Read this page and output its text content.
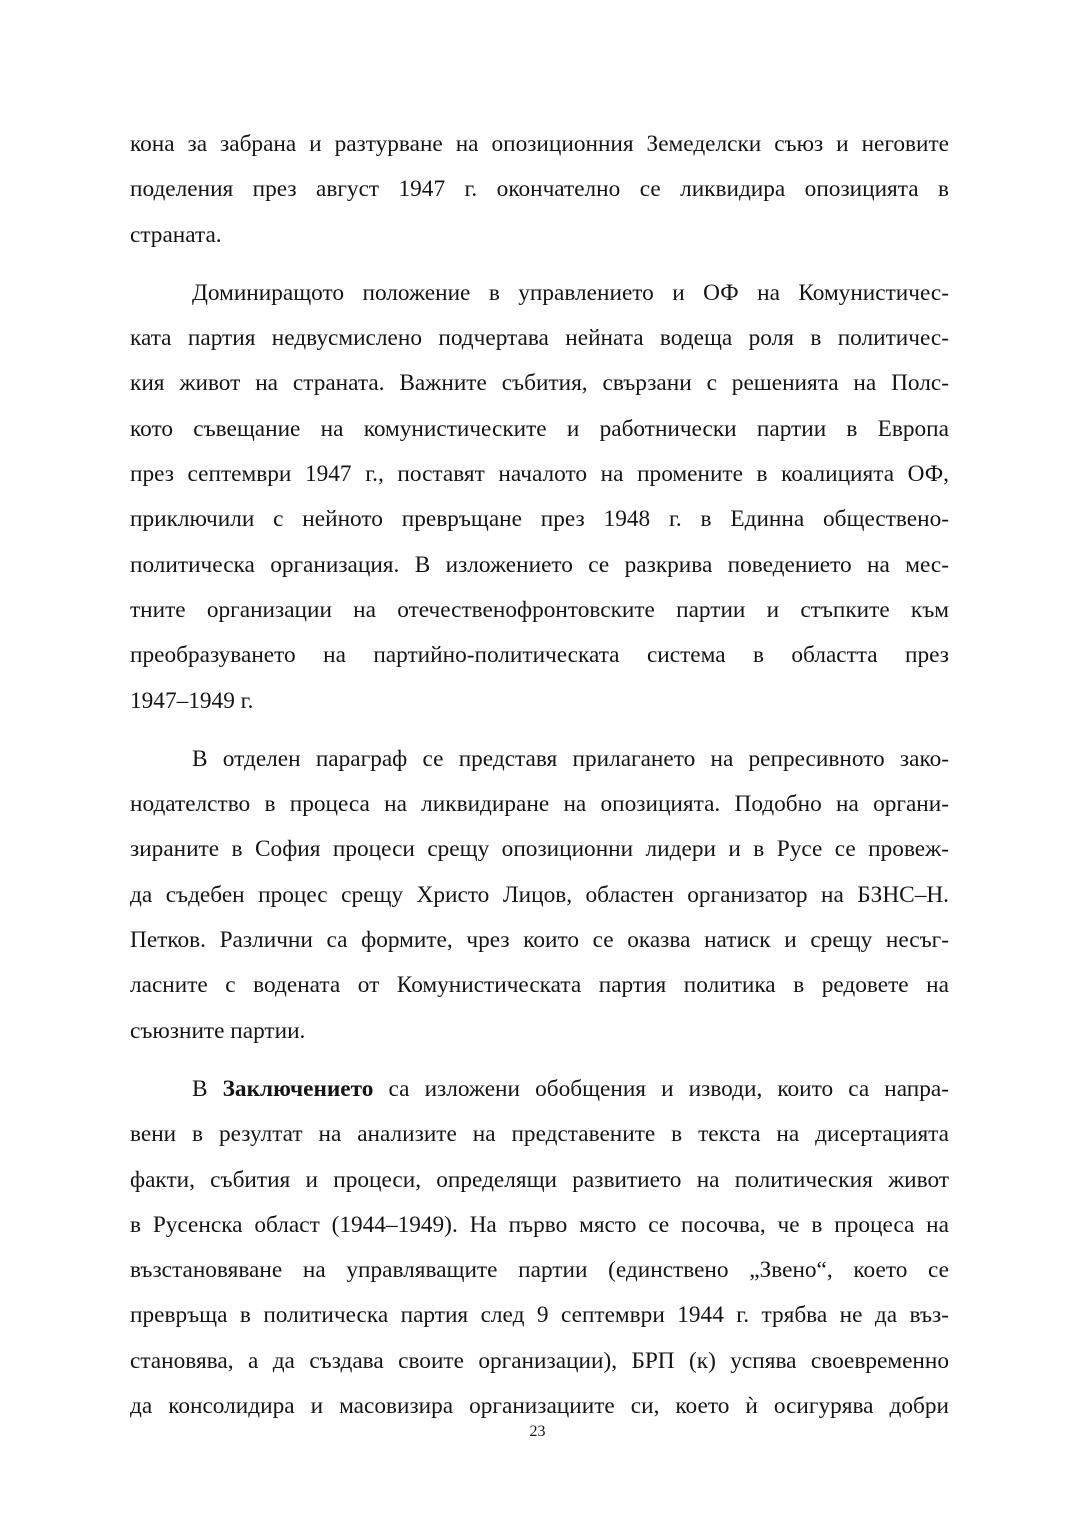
кона за забрана и разтурване на опозиционния Земеделски съюз и неговите
поделения през август 1947 г. окончателно се ликвидира опозицията в
страната.
Доминиращото положение в управлението и ОФ на Комунистичес-
ката партия недвусмислено подчертава нейната водеща роля в политичес-
кия живот на страната. Важните събития, свързани с решенията на Полс-
кото съвещание на комунистическите и работнически партии в Европа
през септември 1947 г., поставят началото на промените в коалицията ОФ,
приключили с нейното превръщане през 1948 г. в Единна обществено-
политическа организация. В изложението се разкрива поведението на мес-
тните организации на отечественофронтовските партии и стъпките към
преобразуването на партийно-политическата система в областта през
1947–1949 г.
В отделен параграф се представя прилагането на репресивното зако-
нодателство в процеса на ликвидиране на опозицията. Подобно на органи-
зираните в София процеси срещу опозиционни лидери и в Русе се провеж-
да съдебен процес срещу Христо Лицов, областен организатор на БЗНС–Н.
Петков. Различни са формите, чрез които се оказва натиск и срещу несъг-
ласните с водената от Комунистическата партия политика в редовете на
съюзните партии.
В Заключението са изложени обобщения и изводи, които са напра-
вени в резултат на анализите на представените в текста на дисертацията
факти, събития и процеси, определящи развитието на политическия живот
в Русенска област (1944–1949). На първо място се посочва, че в процеса на
възстановяване на управляващите партии (единствено „Звено“, което се
превръща в политическа партия след 9 септември 1944 г. трябва не да въз-
становява, а да създава своите организации), БРП (к) успява своевременно
да консолидира и масовизира организациите си, което ѝ осигурява добри
23
